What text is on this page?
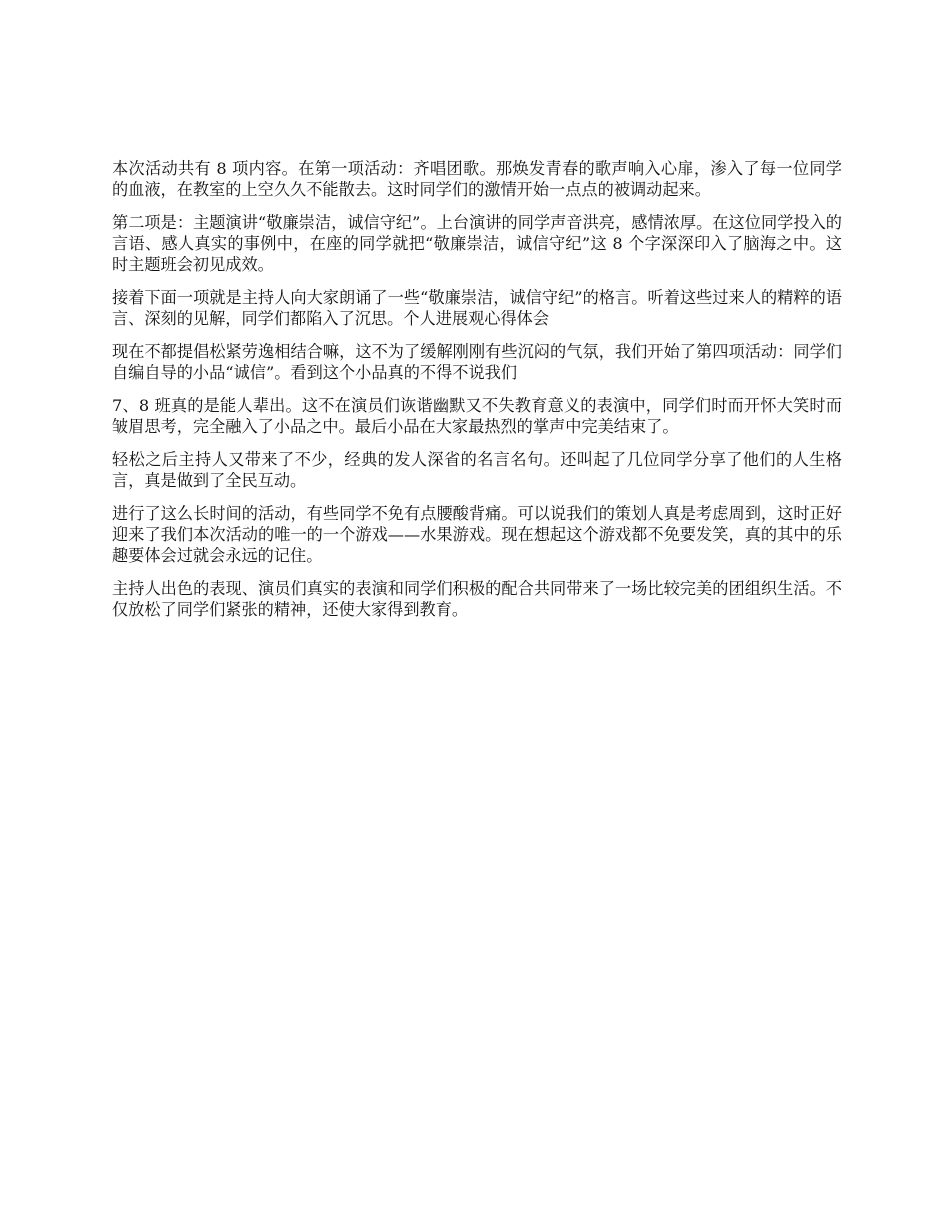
本次活动共有 8 项内容。在第一项活动：齐唱团歌。那焕发青春的歌声响入心扉，渗入了每一位同学的血液，在教室的上空久久不能散去。这时同学们的激情开始一点点的被调动起来。

第二项是：主题演讲“敬廉崇洁，诚信守纪”。上台演讲的同学声音洪亮，感情浓厚。在这位同学投入的言语、感人真实的事例中，在座的同学就把“敬廉崇洁，诚信守纪”这 8 个字深深印入了脑海之中。这时主题班会初见成效。

接着下面一项就是主持人向大家朗诵了一些“敬廉崇洁，诚信守纪”的格言。听着这些过来人的精粹的语言、深刻的见解，同学们都陷入了沉思。个人进展观心得体会

现在不都提倡松紧劳逸相结合嘛，这不为了缓解刚刚有些沉闷的气氛，我们开始了第四项活动：同学们自编自导的小品“诚信”。看到这个小品真的不得不说我们

7、8 班真的是能人辈出。这不在演员们诙谐幽默又不失教育意义的表演中，同学们时而开怀大笑时而皱眉思考，完全融入了小品之中。最后小品在大家最热烈的掌声中完美结束了。

轻松之后主持人又带来了不少，经典的发人深省的名言名句。还叫起了几位同学分享了他们的人生格言，真是做到了全民互动。

进行了这么长时间的活动，有些同学不免有点腰酸背痛。可以说我们的策划人真是考虑周到，这时正好迎来了我们本次活动的唯一的一个游戏——水果游戏。现在想起这个游戏都不免要发笑，真的其中的乐趣要体会过就会永远的记住。

主持人出色的表现、演员们真实的表演和同学们积极的配合共同带来了一场比较完美的团组织生活。不仅放松了同学们紧张的精神，还使大家得到教育。
